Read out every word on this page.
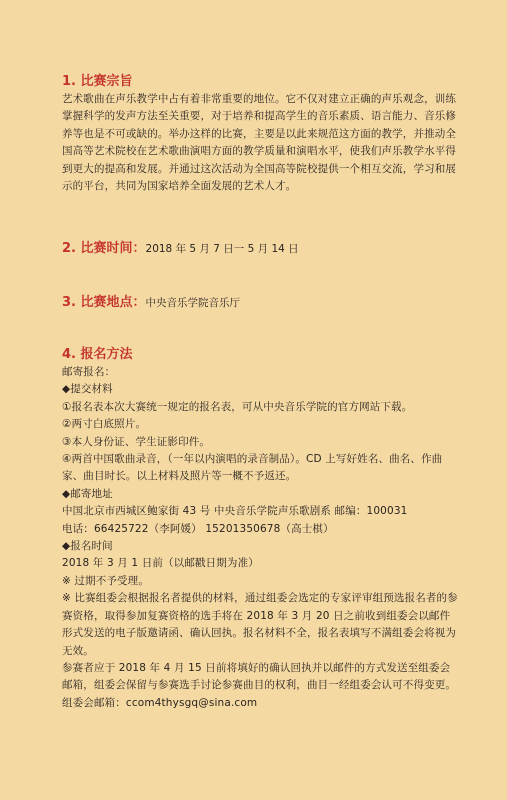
1. 比赛宗旨

艺术歌曲在声乐教学中占有着非常重要的地位。它不仅对建立正确的声乐观念，训练掌握科学的发声方法至关重要，对于培养和提高学生的音乐素质、语言能力、音乐修养等也是不可或缺的。举办这样的比赛，主要是以此来规范这方面的教学，并推动全国高等艺术院校在艺术歌曲演唱方面的教学质量和演唱水平，使我们声乐教学水平得到更大的提高和发展。并通过这次活动为全国高等院校提供一个相互交流，学习和展示的平台，共同为国家培养全面发展的艺术人才。

2. 比赛时间：2018 年 5 月 7 日一 5 月 14 日
3. 比赛地点：中央音乐学院音乐厅
4. 报名方法
邮寄报名：
◆提交材料
①报名表本次大赛统一规定的报名表，可从中央音乐学院的官方网站下载。
②两寸白底照片。
③本人身份证、学生证影印件。
④两首中国歌曲录音，（一年以内演唱的录音制品）。CD 上写好姓名、曲名、作曲家、曲目时长。以上材料及照片等一概不予返还。
◆邮寄地址
中国北京市西城区鲍家街 43 号 中央音乐学院声乐歌剧系 邮编：100031
电话：66425722（李阿媛） 15201350678（高士棋）
◆报名时间
2018 年 3 月 1 日前（以邮戳日期为准）
※ 过期不予受理。
※ 比赛组委会根据报名者提供的材料，通过组委会选定的专家评审组预选报名者的参赛资格，取得参加复赛资格的选手将在 2018 年 3 月 20 日之前收到组委会以邮件形式发送的电子版邀请函、确认回执。报名材料不全，报名表填写不满组委会将视为无效。
参赛者应于 2018 年 4 月 15 日前将填好的确认回执并以邮件的方式发送至组委会邮箱，组委会保留与参赛选手讨论参赛曲目的权利，曲目一经组委会认可不得变更。
组委会邮箱：ccom4thysgq@sina.com
